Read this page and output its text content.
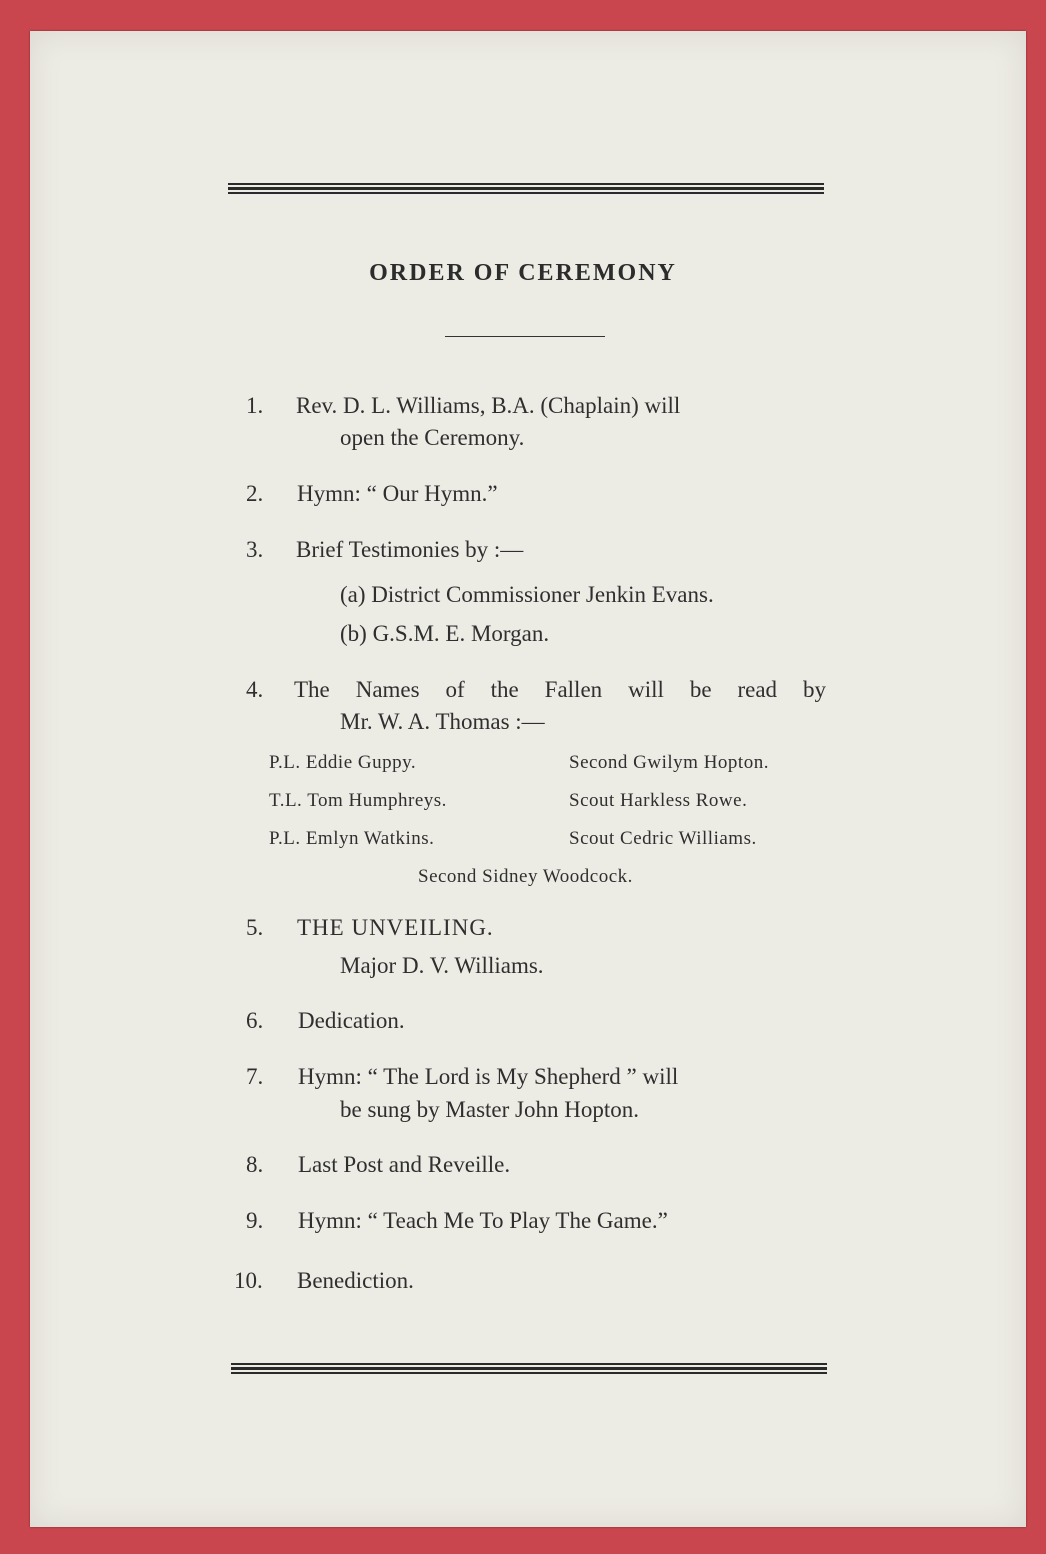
ORDER OF CEREMONY
1. Rev. D. L. Williams, B.A. (Chaplain) will
open the Ceremony.
2. Hymn: “ Our Hymn.”
3. Brief Testimonies by :—
(a) District Commissioner Jenkin Evans.
(b) G.S.M. E. Morgan.
4. The Names of the Fallen will be read by
Mr. W. A. Thomas :—
P.L. Eddie Guppy.
T.L. Tom Humphreys.
P.L. Emlyn Watkins.
Second Gwilym Hopton.
Scout Harkless Rowe.
Scout Cedric Williams.
Second Sidney Woodcock.
5. THE UNVEILING.
Major D. V. Williams.
6. Dedication.
7. Hymn: “ The Lord is My Shepherd ” will
be sung by Master John Hopton.
8. Last Post and Reveille.
9. Hymn: “ Teach Me To Play The Game.”
10. Benediction.
